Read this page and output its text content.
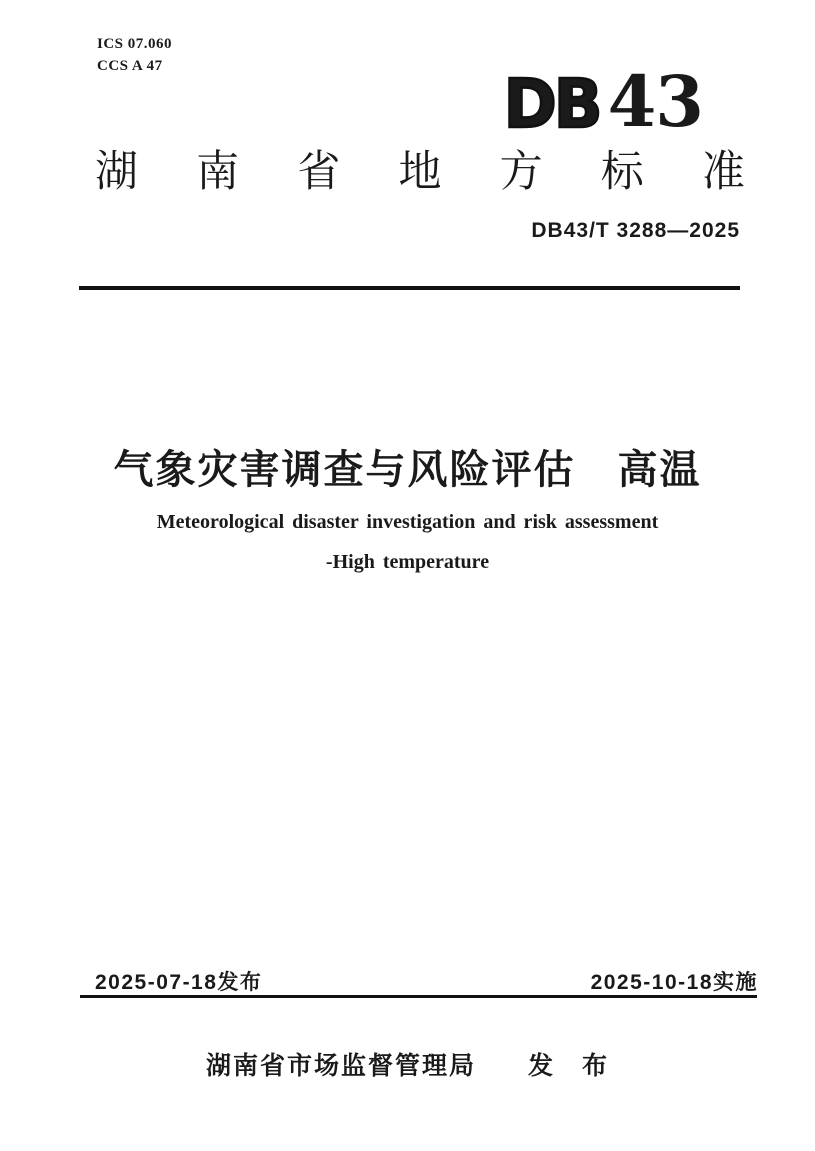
ICS 07.060
CCS A 47
DB 43
湖 南 省 地 方 标 准
DB43/T 3288—2025
气象灾害调查与风险评估　高温
Meteorological disaster investigation and risk assessment
-High temperature
2025-07-18发布	2025-10-18实施
湖南省市场监督管理局 发　布
